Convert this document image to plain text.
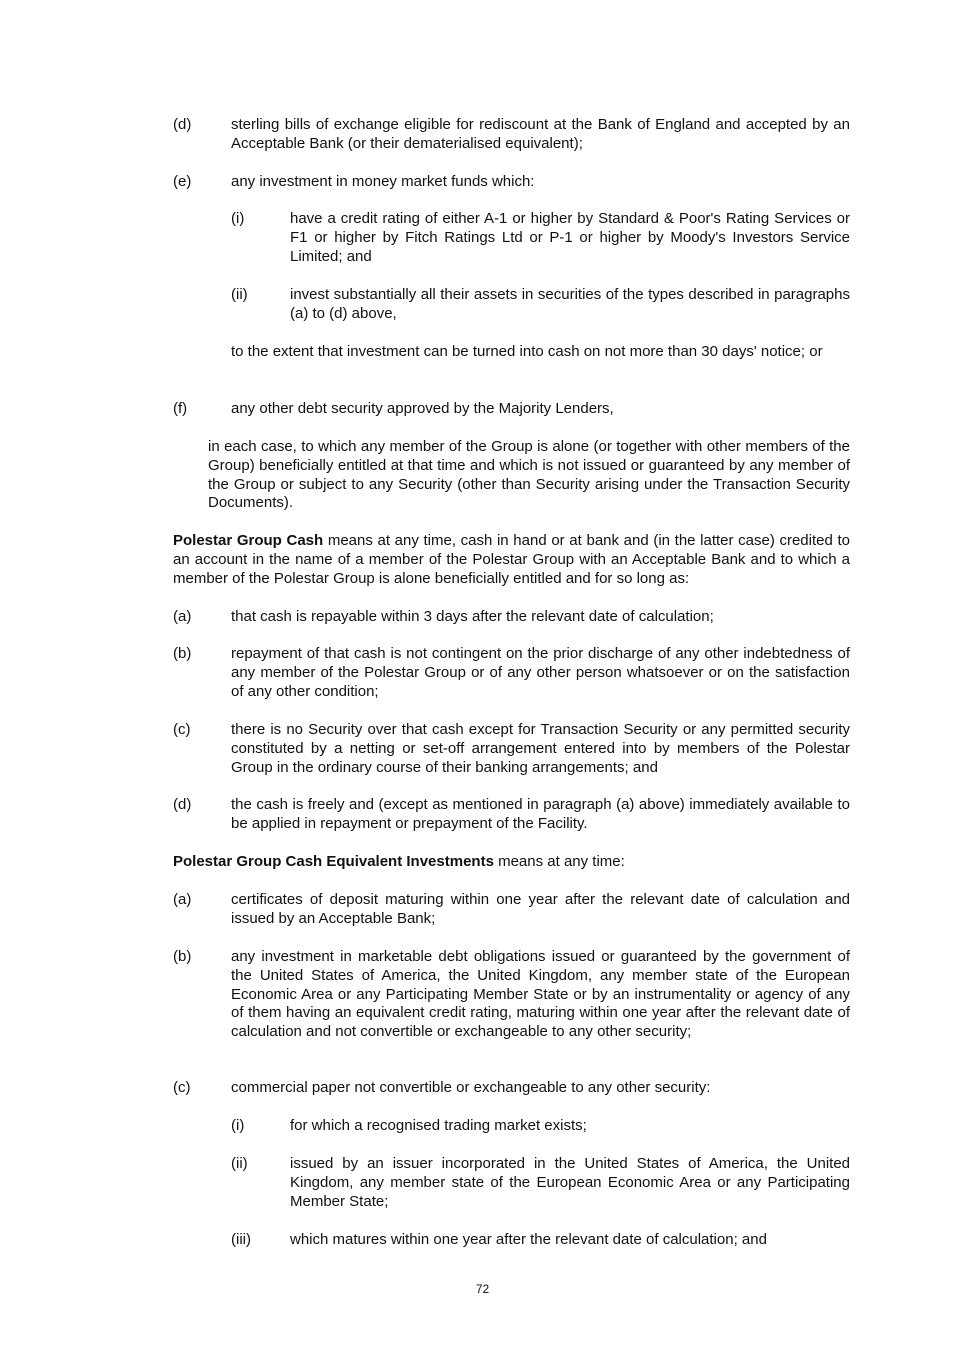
(d)	sterling bills of exchange eligible for rediscount at the Bank of England and accepted by an Acceptable Bank (or their dematerialised equivalent);
(e)	any investment in money market funds which:
(i)	have a credit rating of either A-1 or higher by Standard & Poor's Rating Services or F1 or higher by Fitch Ratings Ltd or P-1 or higher by Moody's Investors Service Limited; and
(ii)	invest substantially all their assets in securities of the types described in paragraphs (a) to (d) above,
to the extent that investment can be turned into cash on not more than 30 days' notice; or
(f)	any other debt security approved by the Majority Lenders,
in each case, to which any member of the Group is alone (or together with other members of the Group) beneficially entitled at that time and which is not issued or guaranteed by any member of the Group or subject to any Security (other than Security arising under the Transaction Security Documents).
Polestar Group Cash means at any time, cash in hand or at bank and (in the latter case) credited to an account in the name of a member of the Polestar Group with an Acceptable Bank and to which a member of the Polestar Group is alone beneficially entitled and for so long as:
(a)	that cash is repayable within 3 days after the relevant date of calculation;
(b)	repayment of that cash is not contingent on the prior discharge of any other indebtedness of any member of the Polestar Group or of any other person whatsoever or on the satisfaction of any other condition;
(c)	there is no Security over that cash except for Transaction Security or any permitted security constituted by a netting or set-off arrangement entered into by members of the Polestar Group in the ordinary course of their banking arrangements; and
(d)	the cash is freely and (except as mentioned in paragraph (a) above) immediately available to be applied in repayment or prepayment of the Facility.
Polestar Group Cash Equivalent Investments means at any time:
(a)	certificates of deposit maturing within one year after the relevant date of calculation and issued by an Acceptable Bank;
(b)	any investment in marketable debt obligations issued or guaranteed by the government of the United States of America, the United Kingdom, any member state of the European Economic Area or any Participating Member State or by an instrumentality or agency of any of them having an equivalent credit rating, maturing within one year after the relevant date of calculation and not convertible or exchangeable to any other security;
(c)	commercial paper not convertible or exchangeable to any other security:
(i)	for which a recognised trading market exists;
(ii)	issued by an issuer incorporated in the United States of America, the United Kingdom, any member state of the European Economic Area or any Participating Member State;
(iii)	which matures within one year after the relevant date of calculation; and
72
